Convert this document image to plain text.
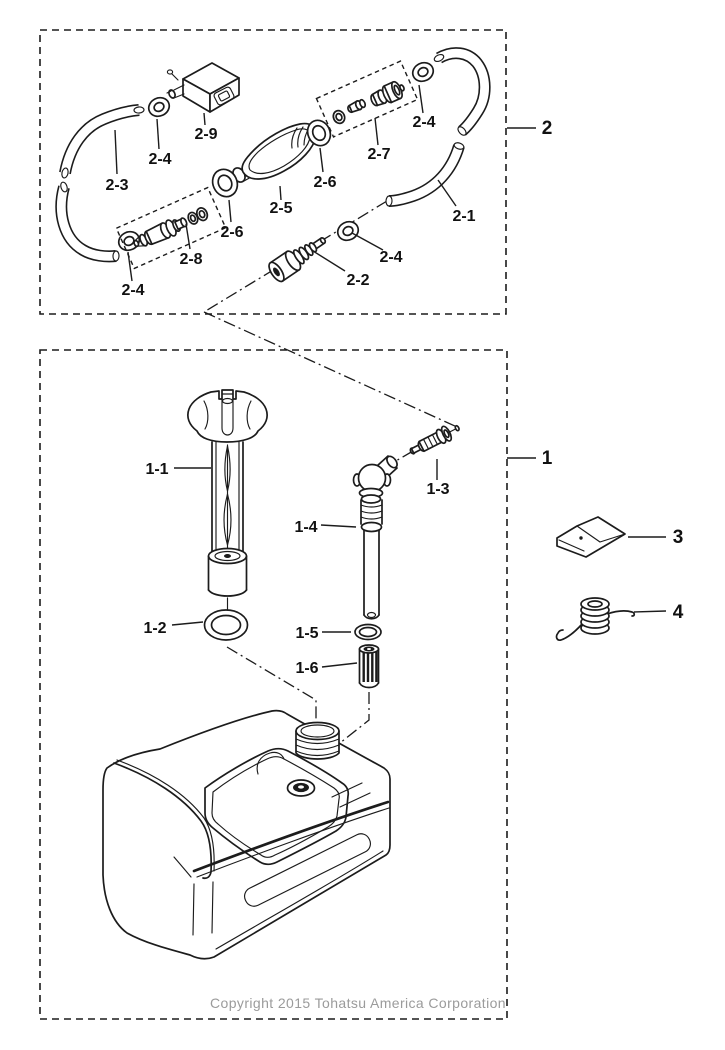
2-3
2-4
2-9
2-6
2-5
2-6
2-7
2-4
2-8
2-4
2-2
2-4
2-1
2
1-1
1-3
1-4
1-2	1-5
1-6
1
3
4
Copyright 2015 Tohatsu America Corporation
